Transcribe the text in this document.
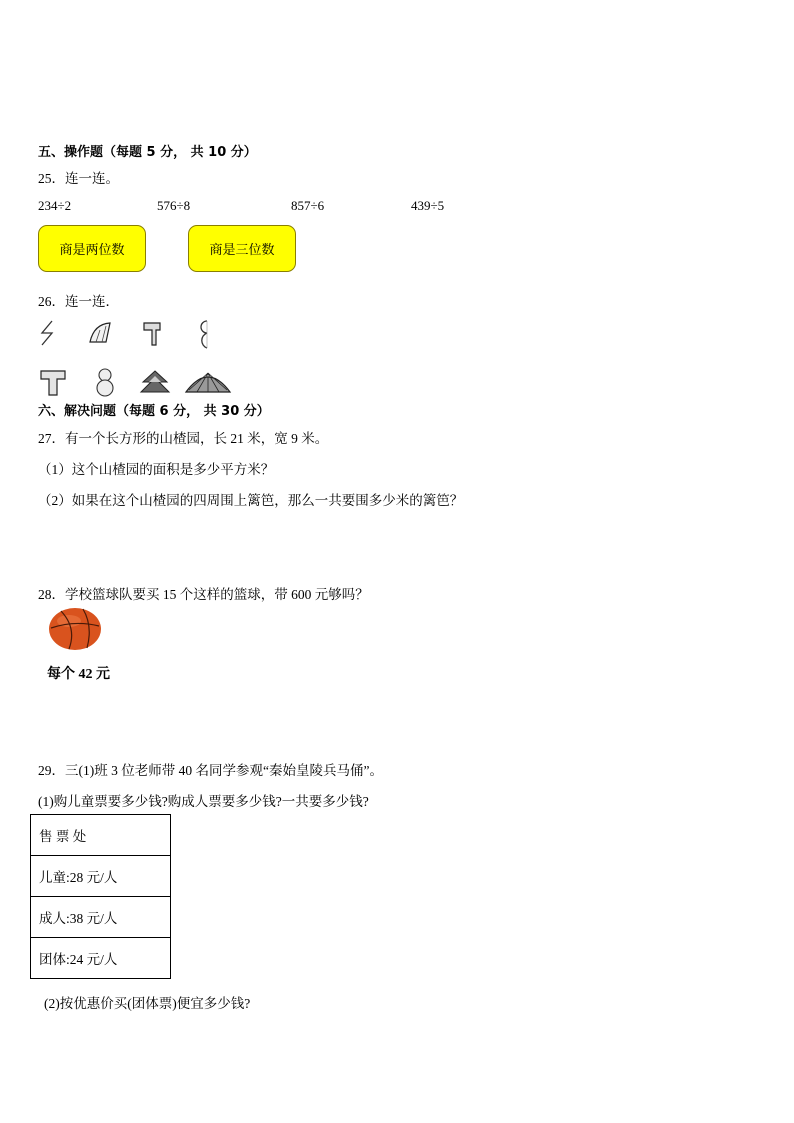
五、操作题（每题 5 分， 共 10 分）
25．连一连。
234÷2	576÷8	857÷6	439÷5
商是两位数	商是三位数
26．连一连．
六、解决问题（每题 6 分， 共 30 分）
27．有一个长方形的山楂园，长 21 米，宽 9 米。
（1）这个山楂园的面积是多少平方米？
（2）如果在这个山楂园的四周围上篱笆，那么一共要围多少米的篱笆？
28．学校篮球队要买 15 个这样的篮球，带 600 元够吗？
每个 42 元
29．三(1)班 3 位老师带 40 名同学参观“秦始皇陵兵马俑”。
(1)购儿童票要多少钱?购成人票要多少钱?一共要多少钱?
售 票 处
儿童:28 元/人
成人:38 元/人
团体:24 元/人
(2)按优惠价买(团体票)便宜多少钱?
